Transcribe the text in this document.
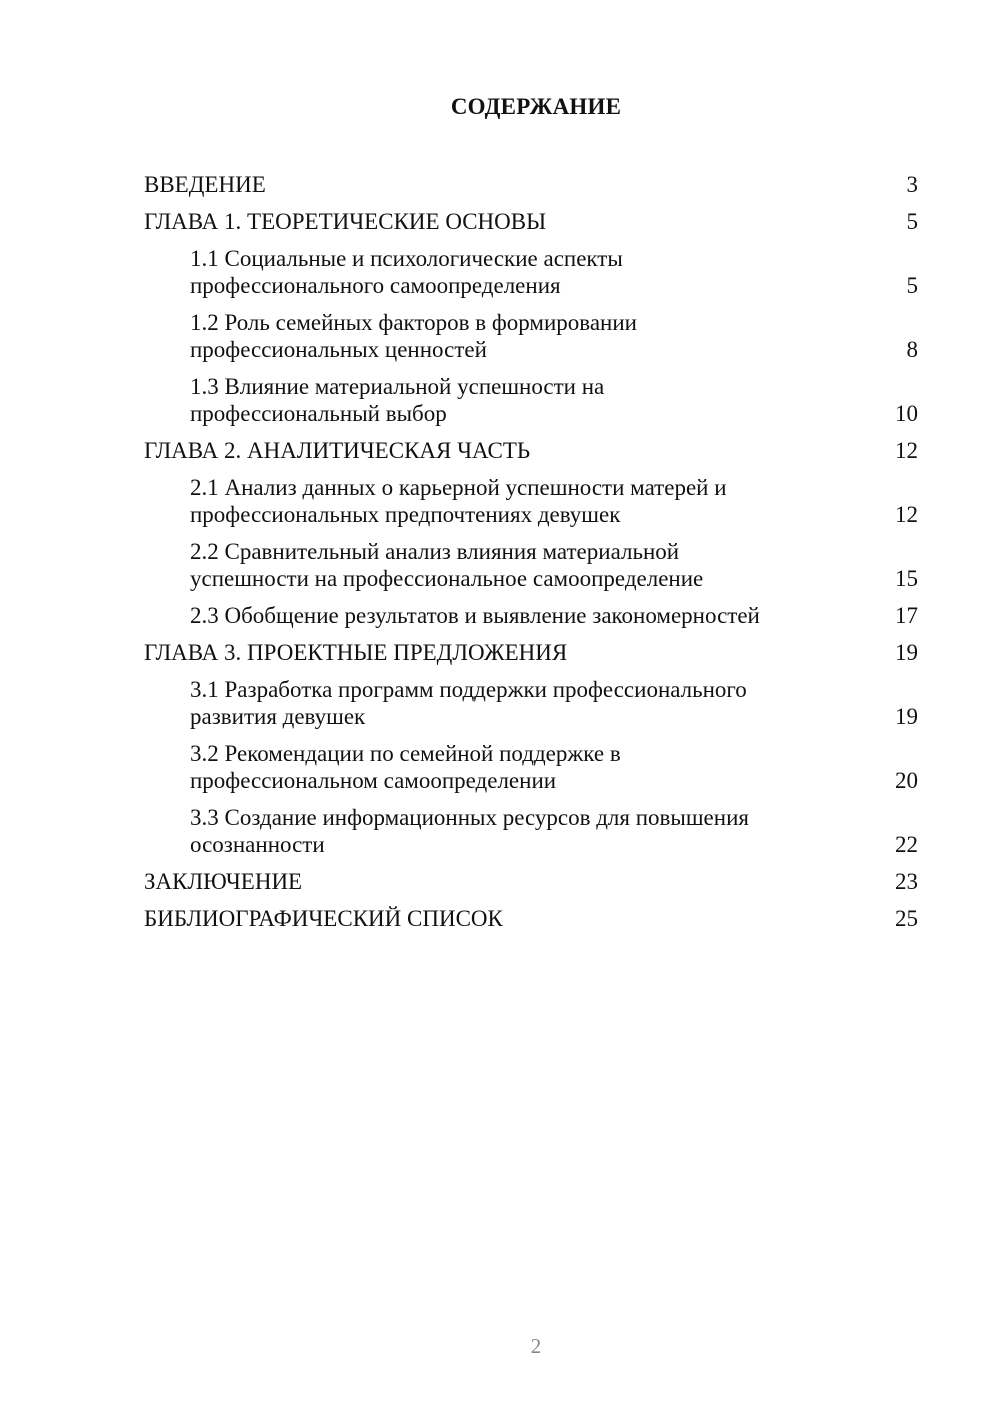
СОДЕРЖАНИЕ
ВВЕДЕНИЕ	3
ГЛАВА 1. ТЕОРЕТИЧЕСКИЕ ОСНОВЫ	5
1.1 Социальные и психологические аспекты
профессионального самоопределения	5
1.2 Роль семейных факторов в формировании
профессиональных ценностей	8
1.3 Влияние материальной успешности на
профессиональный выбор	10
ГЛАВА 2. АНАЛИТИЧЕСКАЯ ЧАСТЬ	12
2.1 Анализ данных о карьерной успешности матерей и
профессиональных предпочтениях девушек	12
2.2 Сравнительный анализ влияния материальной
успешности на профессиональное самоопределение	15
2.3 Обобщение результатов и выявление закономерностей	17
ГЛАВА 3. ПРОЕКТНЫЕ ПРЕДЛОЖЕНИЯ	19
3.1 Разработка программ поддержки профессионального
развития девушек	19
3.2 Рекомендации по семейной поддержке в
профессиональном самоопределении	20
3.3 Создание информационных ресурсов для повышения
осознанности	22
ЗАКЛЮЧЕНИЕ	23
БИБЛИОГРАФИЧЕСКИЙ СПИСОК	25
2
